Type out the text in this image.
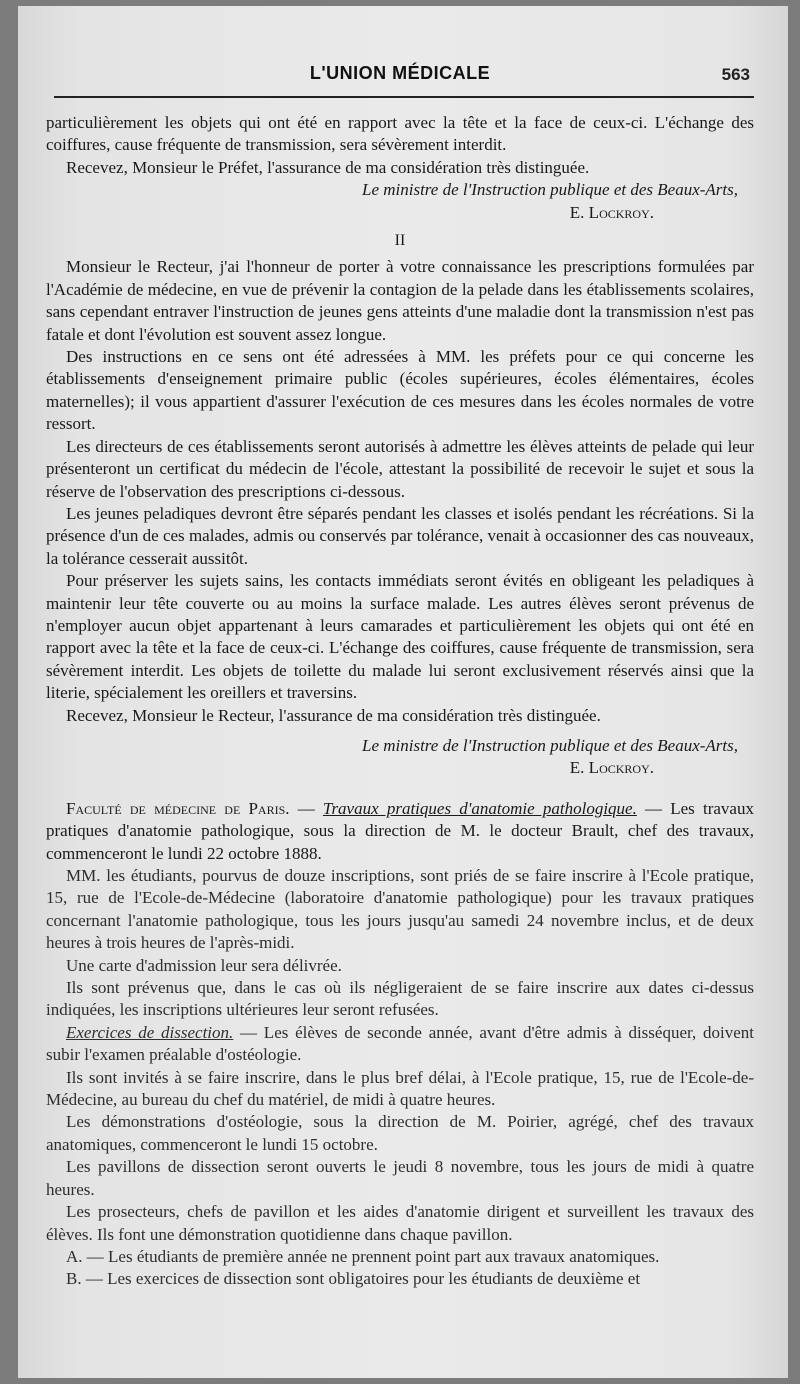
L'UNION MÉDICALE	563

particulièrement les objets qui ont été en rapport avec la tête et la face de ceux-ci. L'échange des coiffures, cause fréquente de transmission, sera sévèrement interdit.

Recevez, Monsieur le Préfet, l'assurance de ma considération très distinguée.

Le ministre de l'Instruction publique et des Beaux-Arts,

E. Lockroy.

II

Monsieur le Recteur, j'ai l'honneur de porter à votre connaissance les prescriptions formulées par l'Académie de médecine, en vue de prévenir la contagion de la pelade dans les établissements scolaires, sans cependant entraver l'instruction de jeunes gens atteints d'une maladie dont la transmission n'est pas fatale et dont l'évolution est souvent assez longue.

Des instructions en ce sens ont été adressées à MM. les préfets pour ce qui concerne les établissements d'enseignement primaire public (écoles supérieures, écoles élémentaires, écoles maternelles); il vous appartient d'assurer l'exécution de ces mesures dans les écoles normales de votre ressort.

Les directeurs de ces établissements seront autorisés à admettre les élèves atteints de pelade qui leur présenteront un certificat du médecin de l'école, attestant la possibilité de recevoir le sujet et sous la réserve de l'observation des prescriptions ci-dessous.

Les jeunes peladiques devront être séparés pendant les classes et isolés pendant les récréations. Si la présence d'un de ces malades, admis ou conservés par tolérance, venait à occasionner des cas nouveaux, la tolérance cesserait aussitôt.

Pour préserver les sujets sains, les contacts immédiats seront évités en obligeant les peladiques à maintenir leur tête couverte ou au moins la surface malade. Les autres élèves seront prévenus de n'employer aucun objet appartenant à leurs camarades et particulièrement les objets qui ont été en rapport avec la tête et la face de ceux-ci. L'échange des coiffures, cause fréquente de transmission, sera sévèrement interdit. Les objets de toilette du malade lui seront exclusivement réservés ainsi que la literie, spécialement les oreillers et traversins.

Recevez, Monsieur le Recteur, l'assurance de ma considération très distinguée.

Le ministre de l'Instruction publique et des Beaux-Arts,

E. Lockroy.

Faculté de médecine de Paris. — Travaux pratiques d'anatomie pathologique. — Les travaux pratiques d'anatomie pathologique, sous la direction de M. le docteur Brault, chef des travaux, commenceront le lundi 22 octobre 1888.

MM. les étudiants, pourvus de douze inscriptions, sont priés de se faire inscrire à l'Ecole pratique, 15, rue de l'Ecole-de-Médecine (laboratoire d'anatomie pathologique) pour les travaux pratiques concernant l'anatomie pathologique, tous les jours jusqu'au samedi 24 novembre inclus, et de deux heures à trois heures de l'après-midi.

Une carte d'admission leur sera délivrée.

Ils sont prévenus que, dans le cas où ils négligeraient de se faire inscrire aux dates ci-dessus indiquées, les inscriptions ultérieures leur seront refusées.

Exercices de dissection. — Les élèves de seconde année, avant d'être admis à disséquer, doivent subir l'examen préalable d'ostéologie.

Ils sont invités à se faire inscrire, dans le plus bref délai, à l'Ecole pratique, 15, rue de l'Ecole-de-Médecine, au bureau du chef du matériel, de midi à quatre heures.

Les démonstrations d'ostéologie, sous la direction de M. Poirier, agrégé, chef des travaux anatomiques, commenceront le lundi 15 octobre.

Les pavillons de dissection seront ouverts le jeudi 8 novembre, tous les jours de midi à quatre heures.

Les prosecteurs, chefs de pavillon et les aides d'anatomie dirigent et surveillent les travaux des élèves. Ils font une démonstration quotidienne dans chaque pavillon.

A. — Les étudiants de première année ne prennent point part aux travaux anatomiques.

B. — Les exercices de dissection sont obligatoires pour les étudiants de deuxième et
